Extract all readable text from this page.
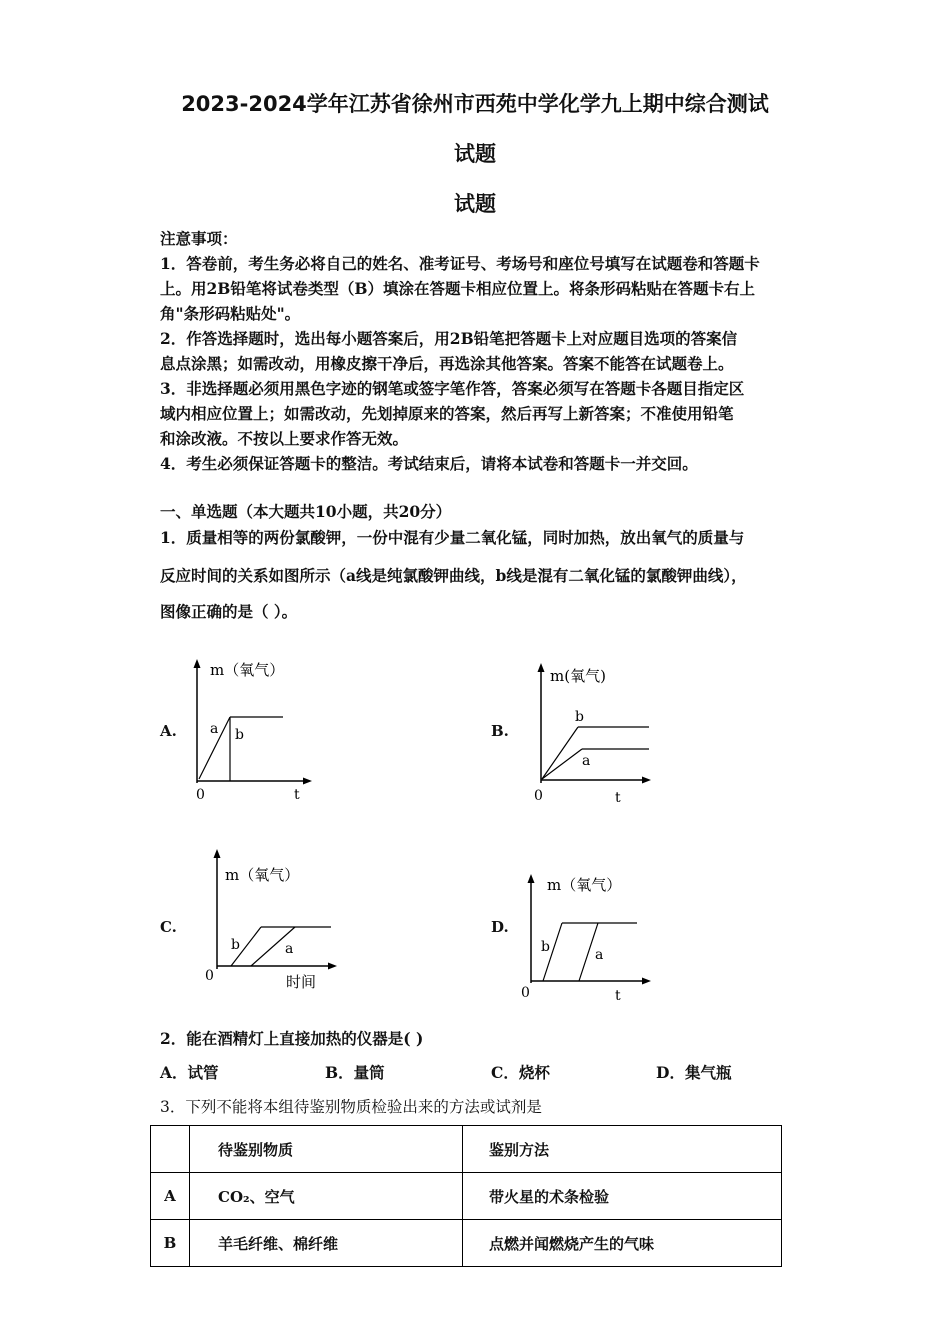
2023-2024学年江苏省徐州市西苑中学化学九上期中综合测试
试题
试题
注意事项：
1．答卷前，考生务必将自己的姓名、准考证号、考场号和座位号填写在试题卷和答题卡
上。用2B铅笔将试卷类型（B）填涂在答题卡相应位置上。将条形码粘贴在答题卡右上
角"条形码粘贴处"。
2．作答选择题时，选出每小题答案后，用2B铅笔把答题卡上对应题目选项的答案信
息点涂黑；如需改动，用橡皮擦干净后，再选涂其他答案。答案不能答在试题卷上。
3．非选择题必须用黑色字迹的钢笔或签字笔作答，答案必须写在答题卡各题目指定区
域内相应位置上；如需改动，先划掉原来的答案，然后再写上新答案；不准使用铅笔
和涂改液。不按以上要求作答无效。
4．考生必须保证答题卡的整洁。考试结束后，请将本试卷和答题卡一并交回。
一、单选题（本大题共10小题，共20分）
1．质量相等的两份氯酸钾，一份中混有少量二氧化锰，同时加热，放出氧气的质量与
反应时间的关系如图所示（a线是纯氯酸钾曲线，b线是混有二氧化锰的氯酸钾曲线），
图像正确的是（ ）。
A.
m（氧气）
a b
0	t
B.
m(氧气)
b
a
0	t
C.
m（氧气）
b	a
0	时间
D.
m（氧气）
b	a
0	t
2．能在酒精灯上直接加热的仪器是( )
A．试管	B．量筒	C．烧杯	D．集气瓶
3．下列不能将本组待鉴别物质检验出来的方法或试剂是
	待鉴别物质	鉴别方法
A	CO₂、空气	带火星的术条检验
B	羊毛纤维、棉纤维	点燃并闻燃烧产生的气味
